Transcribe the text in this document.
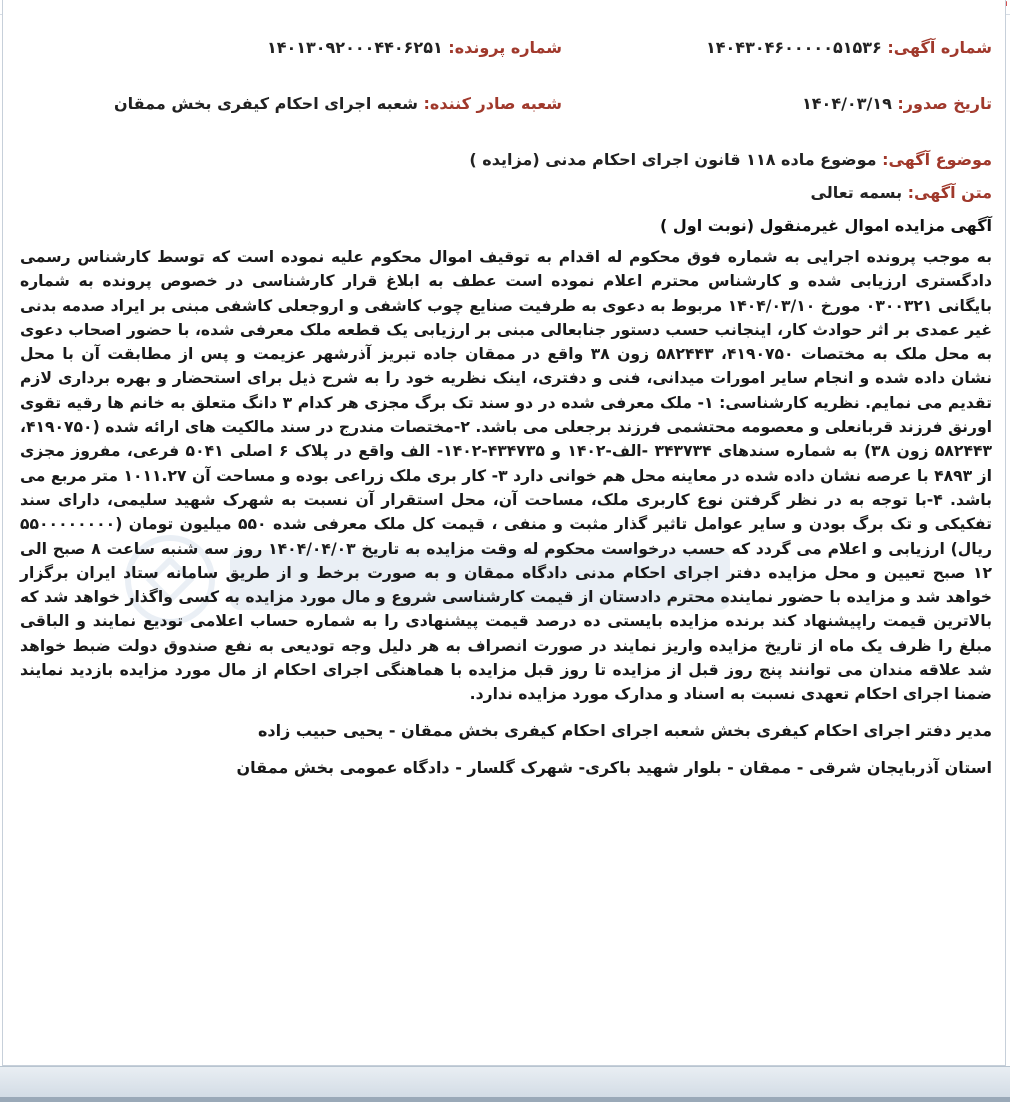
شماره آگهی: ۱۴۰۴۳۰۴۶۰۰۰۰۰۵۱۵۳۶
شماره پرونده: ۱۴۰۱۳۰۹۲۰۰۰۴۴۰۶۲۵۱
تاریخ صدور: ۱۴۰۴/۰۳/۱۹
شعبه صادر کننده: شعبه اجرای احکام کیفری بخش ممقان
موضوع آگهی: موضوع ماده ۱۱۸ قانون اجرای احکام مدنی (مزایده )
متن آگهی: بسمه تعالی
آگهی مزایده اموال غیرمنقول (نوبت اول )

به موجب پرونده اجرایی به شماره فوق محکوم له اقدام به توقیف اموال محکوم علیه نموده است که توسط کارشناس رسمی دادگستری ارزیابی شده و کارشناس محترم اعلام نموده است عطف به ابلاغ قرار کارشناسی در خصوص پرونده به شماره بایگانی ۰۳۰۰۳۲۱ مورخ ۱۴۰۴/۰۳/۱۰ مربوط به دعوی به طرفیت صنایع چوب کاشفی و اروجعلی کاشفی مبنی بر ایراد صدمه بدنی غیر عمدی بر اثر حوادث کار، اینجانب حسب دستور جنابعالی مبنی بر ارزیابی یک قطعه ملک معرفی شده، با حضور اصحاب دعوی به محل ملک به مختصات ۴۱۹۰۷۵۰، ۵۸۲۴۴۳ زون ۳۸ واقع در ممقان جاده تبریز آذرشهر عزیمت و پس از مطابقت آن با محل نشان داده شده و انجام سایر امورات میدانی، فنی و دفتری، اینک نظریه خود را به شرح ذیل برای استحضار و بهره برداری لازم تقدیم می نمایم. نظریه کارشناسی: ۱- ملک معرفی شده در دو سند تک برگ مجزی هر کدام ۳ دانگ متعلق به خانم ها رقیه تقوی اورنق فرزند قربانعلی و معصومه محتشمی فرزند برجعلی می باشد. ۲-مختصات مندرج در سند مالکیت های ارائه شده (۴۱۹۰۷۵۰، ۵۸۲۴۴۳ زون ۳۸) به شماره سندهای ۳۴۳۷۳۴ -الف-۱۴۰۲ و ۴۳۴۷۳۵-۱۴۰۲- الف واقع در پلاک ۶ اصلی ۵۰۴۱ فرعی، مفروز مجزی از ۴۸۹۳ با عرصه نشان داده شده در معاینه محل هم خوانی دارد ۳- کار بری ملک زراعی بوده و مساحت آن ۱۰۱۱.۲۷ متر مربع می باشد. ۴-با توجه به در نظر گرفتن نوع کاربری ملک، مساحت آن، محل استقرار آن نسبت به شهرک شهید سلیمی، دارای سند تفکیکی و تک برگ بودن و سایر عوامل تاثیر گذار مثبت و منفی ، قیمت کل ملک معرفی شده ۵۵۰ میلیون تومان (۵۵۰۰۰۰۰۰۰۰ ریال) ارزیابی و اعلام می گردد که حسب درخواست محکوم له وقت مزایده به تاریخ ۱۴۰۴/۰۴/۰۳ روز سه شنبه ساعت ۸ صبح الی ۱۲ صبح تعیین و محل مزایده دفتر اجرای احکام مدنی دادگاه ممقان و به صورت برخط و از طریق سامانه ستاد ایران برگزار خواهد شد و مزایده با حضور نماینده محترم دادستان از قیمت کارشناسی شروع و مال مورد مزایده به کسی واگذار خواهد شد که بالاترین قیمت راپیشنهاد کند برنده مزایده بایستی ده درصد قیمت پیشنهادی را به شماره حساب اعلامی تودیع نمایند و الباقی مبلغ را ظرف یک ماه از تاریخ مزایده واریز نمایند در صورت انصراف به هر دلیل وجه تودیعی به نفع صندوق دولت ضبط خواهد شد علاقه مندان می توانند پنج روز قبل از مزایده تا روز قبل مزایده با هماهنگی اجرای احکام از مال مورد مزایده بازدید نمایند ضمنا اجرای احکام تعهدی نسبت به اسناد و مدارک مورد مزایده ندارد.

مدیر دفتر اجرای احکام کیفری بخش شعبه اجرای احکام کیفری بخش ممقان - یحیی حبیب زاده
استان آذربایجان شرقی - ممقان - بلوار شهید باکری- شهرک گلسار - دادگاه عمومی بخش ممقان
